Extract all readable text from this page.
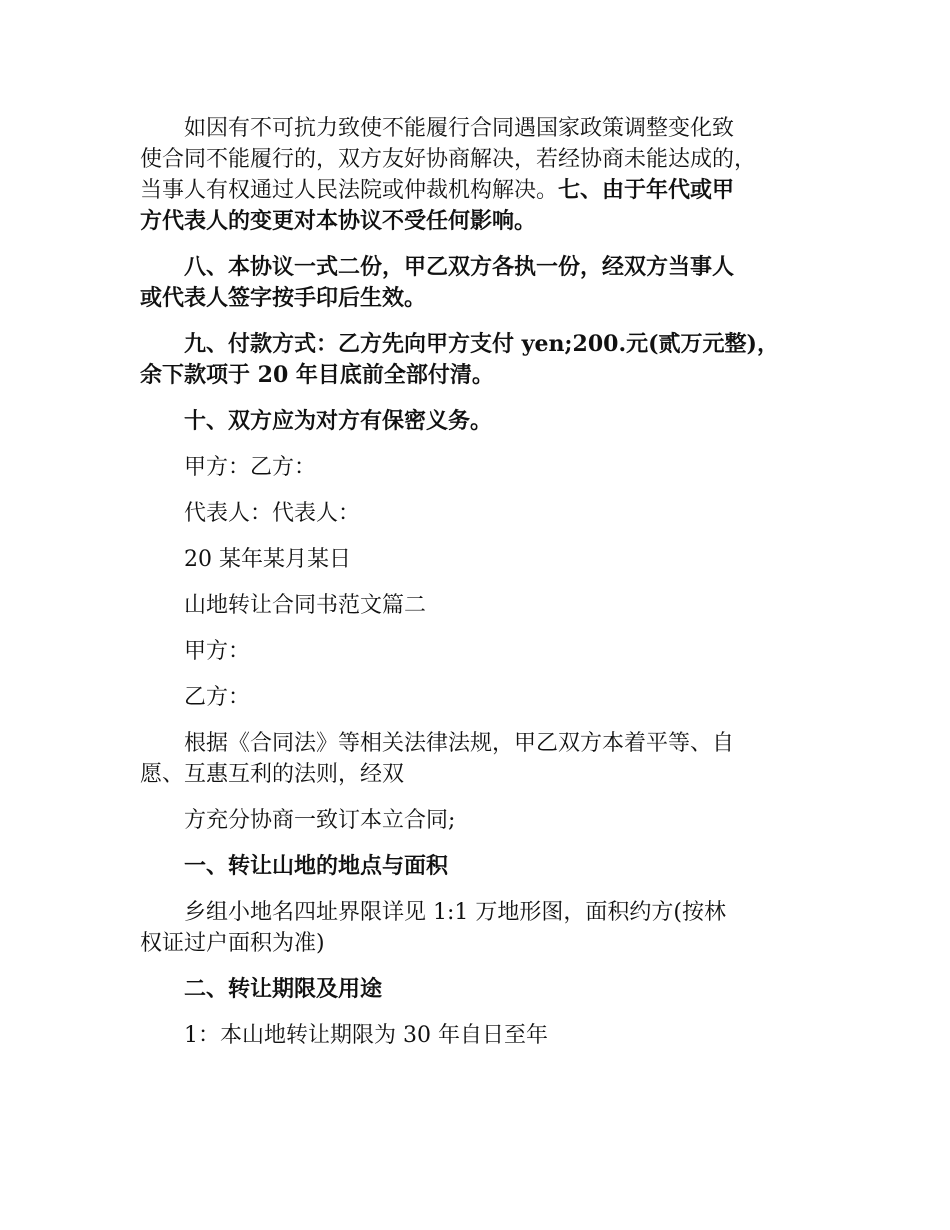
如因有不可抗力致使不能履行合同遇国家政策调整变化致
使合同不能履行的，双方友好协商解决，若经协商未能达成的，
当事人有权通过人民法院或仲裁机构解决。七、由于年代或甲
方代表人的变更对本协议不受任何影响。
八、本协议一式二份，甲乙双方各执一份，经双方当事人
或代表人签字按手印后生效。
九、付款方式：乙方先向甲方支付 yen;200.元(贰万元整)，
余下款项于 20 年目底前全部付清。
十、双方应为对方有保密义务。
甲方：乙方：
代表人：代表人：
20 某年某月某日
山地转让合同书范文篇二
甲方：
乙方：
根据《合同法》等相关法律法规，甲乙双方本着平等、自
愿、互惠互利的法则，经双
方充分协商一致订本立合同;
一、转让山地的地点与面积
乡组小地名四址界限详见 1:1 万地形图，面积约方(按林
权证过户面积为准)
二、转让期限及用途
1：本山地转让期限为 30 年自日至年
